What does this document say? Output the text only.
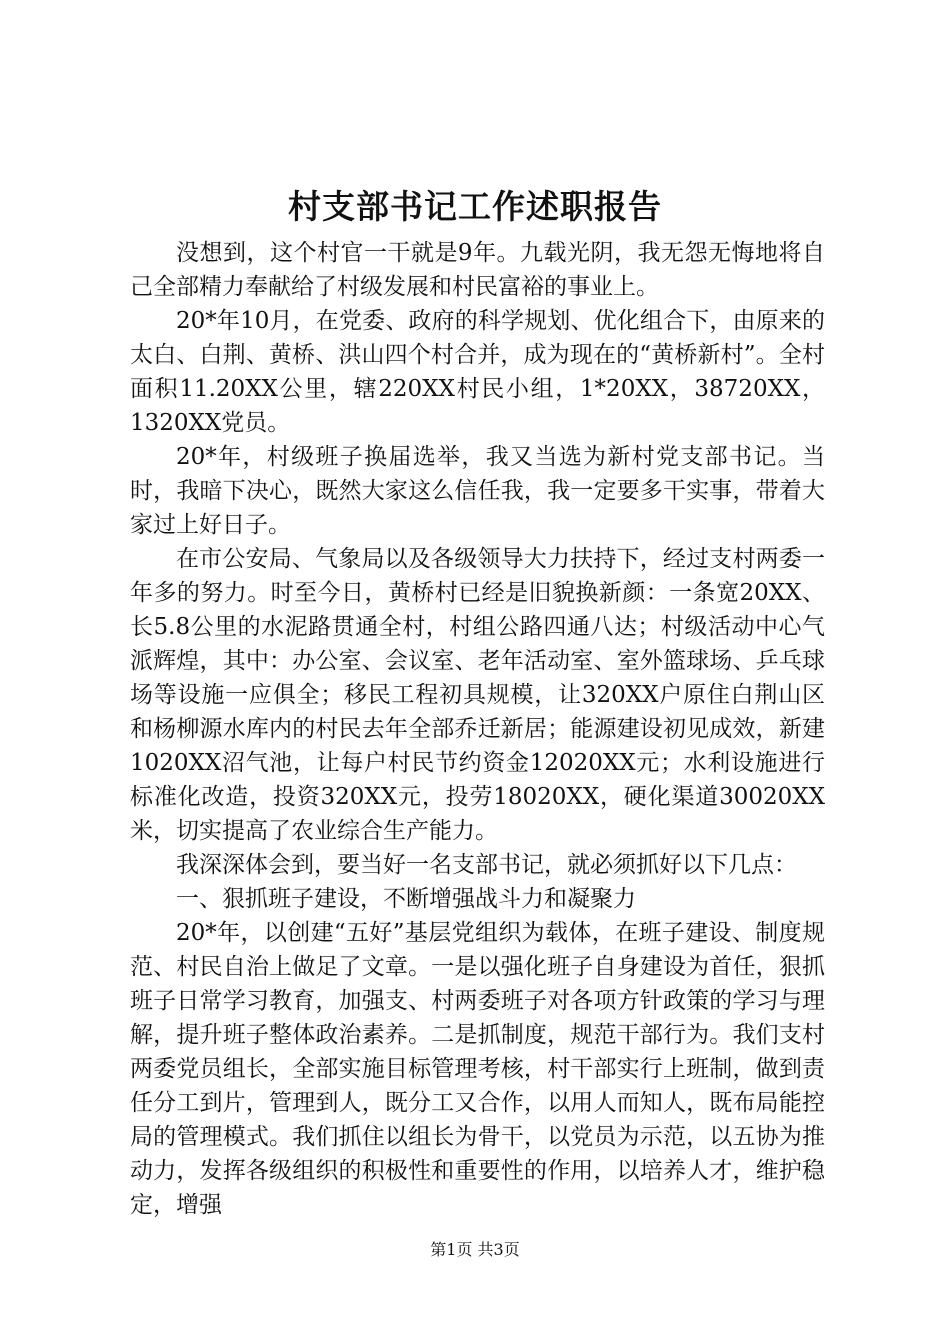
村支部书记工作述职报告

没想到，这个村官一干就是9年。九载光阴，我无怨无悔地将自己全部精力奉献给了村级发展和村民富裕的事业上。

20*年10月，在党委、政府的科学规划、优化组合下，由原来的太白、白荆、黄桥、洪山四个村合并，成为现在的“黄桥新村”。全村面积11.20XX公里，辖220XX村民小组，1*20XX，38720XX，1320XX党员。

20*年，村级班子换届选举，我又当选为新村党支部书记。当时，我暗下决心，既然大家这么信任我，我一定要多干实事，带着大家过上好日子。

在市公安局、气象局以及各级领导大力扶持下，经过支村两委一年多的努力。时至今日，黄桥村已经是旧貌换新颜：一条宽20XX、长5.8公里的水泥路贯通全村，村组公路四通八达；村级活动中心气派辉煌，其中：办公室、会议室、老年活动室、室外篮球场、乒乓球场等设施一应俱全；移民工程初具规模，让320XX户原住白荆山区和杨柳源水库内的村民去年全部乔迁新居；能源建设初见成效，新建1020XX沼气池，让每户村民节约资金12020XX元；水利设施进行标准化改造，投资320XX元，投劳18020XX，硬化渠道30020XX米，切实提高了农业综合生产能力。

我深深体会到，要当好一名支部书记，就必须抓好以下几点：

一、狠抓班子建设，不断增强战斗力和凝聚力

20*年，以创建“五好”基层党组织为载体，在班子建设、制度规范、村民自治上做足了文章。一是以强化班子自身建设为首任，狠抓班子日常学习教育，加强支、村两委班子对各项方针政策的学习与理解，提升班子整体政治素养。二是抓制度，规范干部行为。我们支村两委党员组长，全部实施目标管理考核，村干部实行上班制，做到责任分工到片，管理到人，既分工又合作，以用人而知人，既布局能控局的管理模式。我们抓住以组长为骨干，以党员为示范，以五协为推动力，发挥各级组织的积极性和重要性的作用，以培养人才，维护稳定，增强

第1页 共3页
